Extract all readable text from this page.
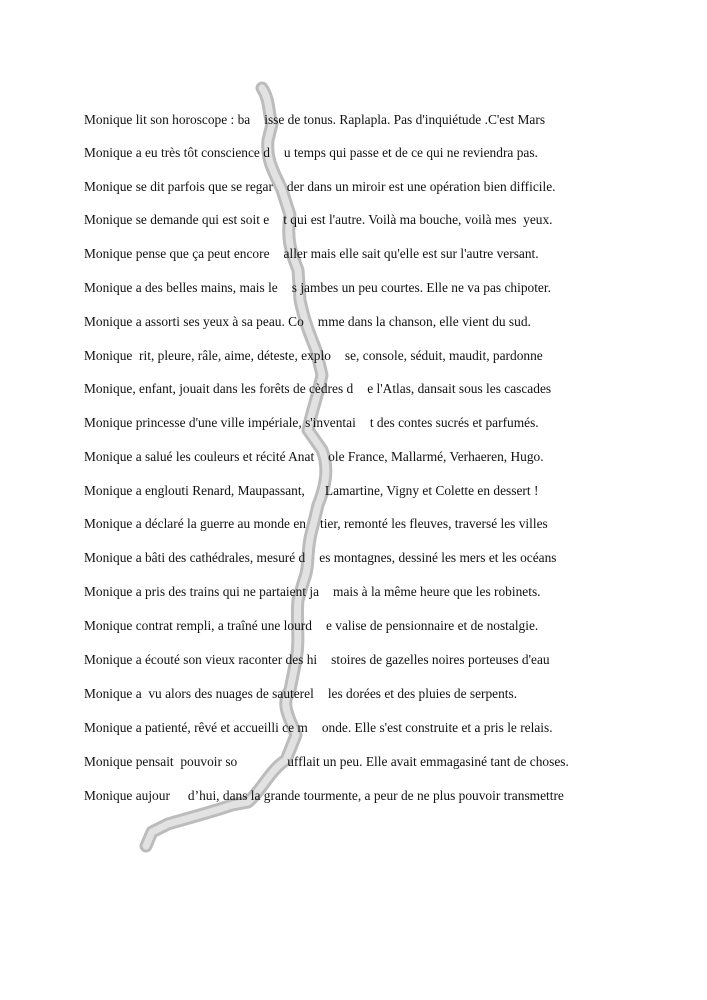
Monique lit son horoscope : ba isse de tonus. Raplapla. Pas d'inquiétude .C'est Mars
Monique a eu très tôt conscience d u temps qui passe et de ce qui ne reviendra pas.
Monique se dit parfois que se regar der dans un miroir est une opération bien difficile.
Monique se demande qui est soit e t qui est l'autre. Voilà ma bouche, voilà mes  yeux.
Monique pense que ça peut encore aller mais elle sait qu'elle est sur l'autre versant.
Monique a des belles mains, mais le s jambes un peu courtes. Elle ne va pas chipoter.
Monique a assorti ses yeux à sa peau. Co mme dans la chanson, elle vient du sud.
Monique  rit, pleure, râle, aime, déteste, explo se, console, séduit, maudit, pardonne
Monique, enfant, jouait dans les forêts de cèdres d e l'Atlas, dansait sous les cascades
Monique princesse d'une ville impériale, s'inventai t des contes sucrés et parfumés.
Monique a salué les couleurs et récité Anat ole France, Mallarmé, Verhaeren, Hugo.
Monique a englouti Renard, Maupassant, Lamartine, Vigny et Colette en dessert !
Monique a déclaré la guerre au monde en tier, remonté les fleuves, traversé les villes
Monique a bâti des cathédrales, mesuré d es montagnes, dessiné les mers et les océans
Monique a pris des trains qui ne partaient ja mais à la même heure que les robinets.
Monique contrat rempli, a traîné une lourd e valise de pensionnaire et de nostalgie.
Monique a écouté son vieux raconter des hi stoires de gazelles noires porteuses d'eau
Monique a  vu alors des nuages de sauterel les dorées et des pluies de serpents.
Monique a patienté, rêvé et accueilli ce m onde. Elle s'est construite et a pris le relais.
Monique pensait  pouvoir so	ufflait un peu. Elle avait emmagasiné tant de choses.
Monique aujour d’hui, dans la grande tourmente, a peur de ne plus pouvoir transmettre
